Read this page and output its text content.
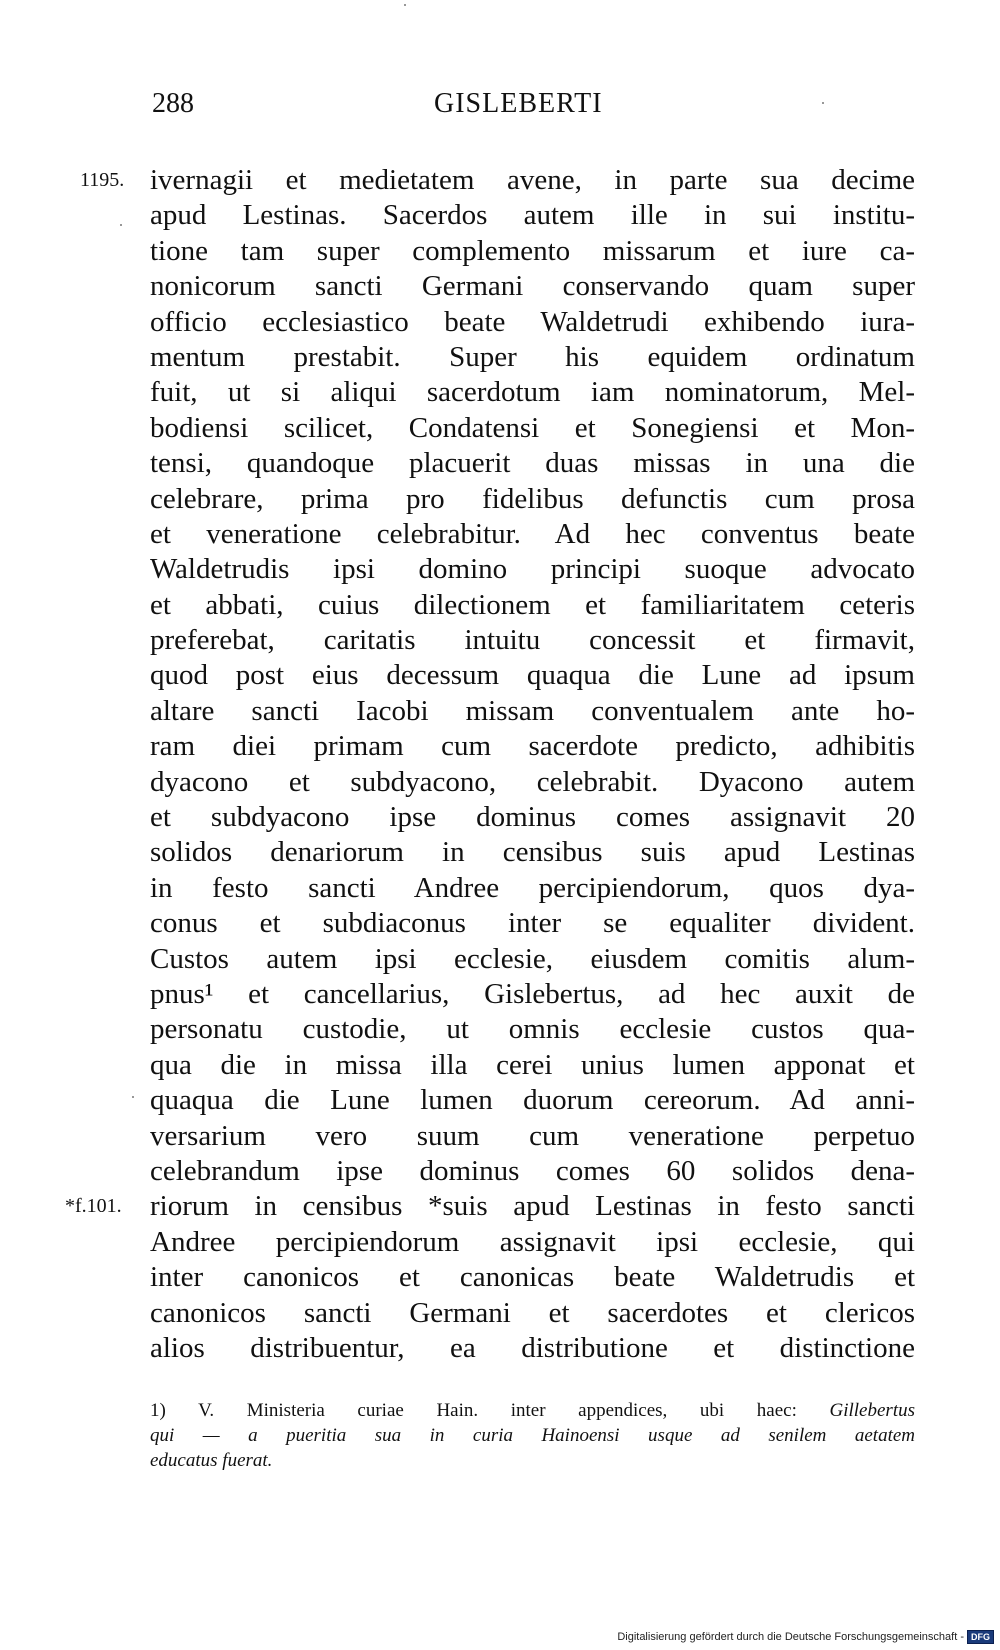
288	GISLEBERTI
1195. ivernagii et medietatem avene, in parte sua decime
apud Lestinas. Sacerdos autem ille in sui institu-
tione tam super complemento missarum et iure ca-
nonicorum sancti Germani conservando quam super
officio ecclesiastico beate Waldetrudi exhibendo iura-
mentum prestabit. Super his equidem ordinatum
fuit, ut si aliqui sacerdotum iam nominatorum, Mel-
bodiensi scilicet, Condatensi et Sonegiensi et Mon-
tensi, quandoque placuerit duas missas in una die
celebrare, prima pro fidelibus defunctis cum prosa
et veneratione celebrabitur. Ad hec conventus beate
Waldetrudis ipsi domino principi suoque advocato
et abbati, cuius dilectionem et familiaritatem ceteris
preferebat, caritatis intuitu concessit et firmavit,
quod post eius decessum quaqua die Lune ad ipsum
altare sancti Iacobi missam conventualem ante ho-
ram diei primam cum sacerdote predicto, adhibitis
dyacono et subdyacono, celebrabit. Dyacono autem
et subdyacono ipse dominus comes assignavit 20
solidos denariorum in censibus suis apud Lestinas
in festo sancti Andree percipiendorum, quos dya-
conus et subdiaconus inter se equaliter divident.
Custos autem ipsi ecclesie, eiusdem comitis alum-
pnus¹ et cancellarius, Gislebertus, ad hec auxit de
personatu custodie, ut omnis ecclesie custos qua-
qua die in missa illa cerei unius lumen apponat et
quaqua die Lune lumen duorum cereorum. Ad anni-
versarium vero suum cum veneratione perpetuo
celebrandum ipse dominus comes 60 solidos dena-
*f.101. riorum in censibus *suis apud Lestinas in festo sancti
Andree percipiendorum assignavit ipsi ecclesie, qui
inter canonicos et canonicas beate Waldetrudis et
canonicos sancti Germani et sacerdotes et clericos
alios distribuentur, ea distributione et distinctione
1) V. Ministeria curiae Hain. inter appendices, ubi haec: Gillebertus
qui — a pueritia sua in curia Hainoensi usque ad senilem aetatem
educatus fuerat.
Digitalisierung gefördert durch die Deutsche Forschungsgemeinschaft - DFG
